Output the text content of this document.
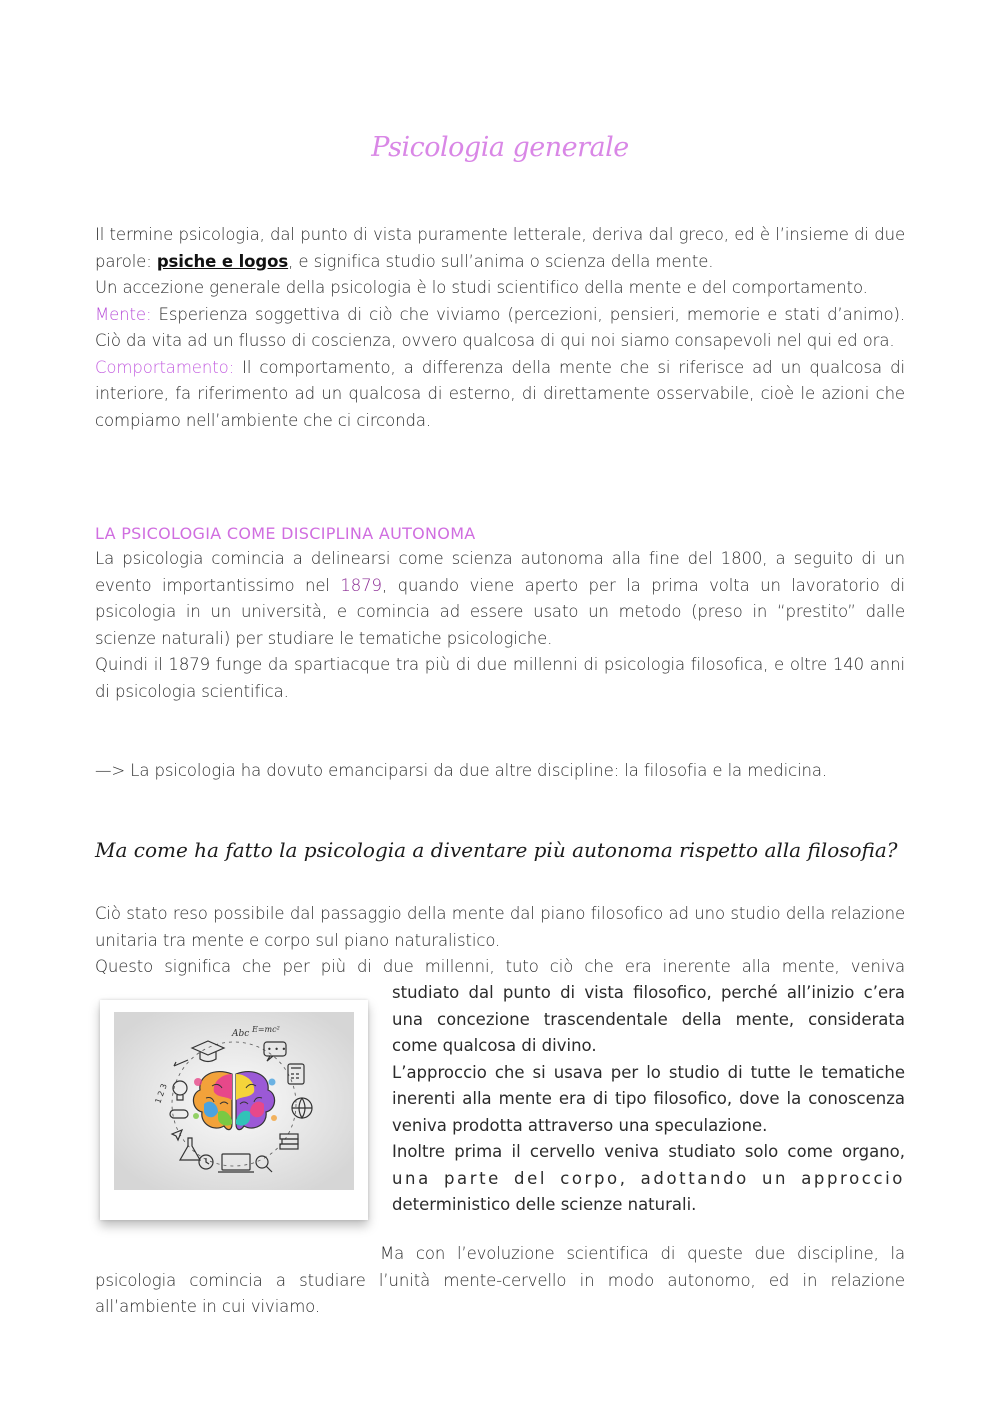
Psicologia generale

Il termine psicologia, dal punto di vista puramente letterale, deriva dal greco, ed è l’insieme di due parole: psiche e logos, e significa studio sull’anima o scienza della mente.

Un accezione generale della psicologia è lo studi scientifico della mente e del comportamento.

Mente: Esperienza soggettiva di ciò che viviamo (percezioni, pensieri, memorie e stati d’animo). Ciò da vita ad un flusso di coscienza, ovvero qualcosa di qui noi siamo consapevoli nel qui ed ora.

Comportamento: Il comportamento, a differenza della mente che si riferisce ad un qualcosa di interiore, fa riferimento ad un qualcosa di esterno, di direttamente osservabile, cioè le azioni che compiamo nell’ambiente che ci circonda.

LA PSICOLOGIA COME DISCIPLINA AUTONOMA

La psicologia comincia a delinearsi come scienza autonoma alla fine del 1800, a seguito di un evento importantissimo nel 1879, quando viene aperto per la prima volta un lavoratorio di psicologia in un università, e comincia ad essere usato un metodo (preso in “prestito” dalle scienze naturali) per studiare le tematiche psicologiche.

Quindi il 1879 funge da spartiacque tra più di due millenni di psicologia filosofica, e oltre 140 anni di psicologia scientifica.

—> La psicologia ha dovuto emanciparsi da due altre discipline: la filosofia e la medicina.
Ma come ha fatto la psicologia a diventare più autonoma rispetto alla filosofia?

Ciò stato reso possibile dal passaggio della mente dal piano filosofico ad uno studio della relazione unitaria tra mente e corpo sul piano naturalistico.

Questo significa che per più di due millenni, tuto ciò che era inerente alla mente, veniva

studiato dal punto di vista filosofico, perché all’inizio c’era una concezione trascendentale della mente, considerata come qualcosa di divino.

L’approccio che si usava per lo studio di tutte le tematiche inerenti alla mente era di tipo filosofico, dove la conoscenza veniva prodotta attraverso una speculazione.

Inoltre prima il cervello veniva studiato solo come organo,

una parte del corpo, adottando un approccio

deterministico delle scienze naturali.

Ma con l’evoluzione scientifica di queste due discipline, la

psicologia comincia a studiare l’unità mente-cervello in modo autonomo, ed in relazione all’ambiente in cui viviamo.

Abc E=mc²
1 2 3
• • •
